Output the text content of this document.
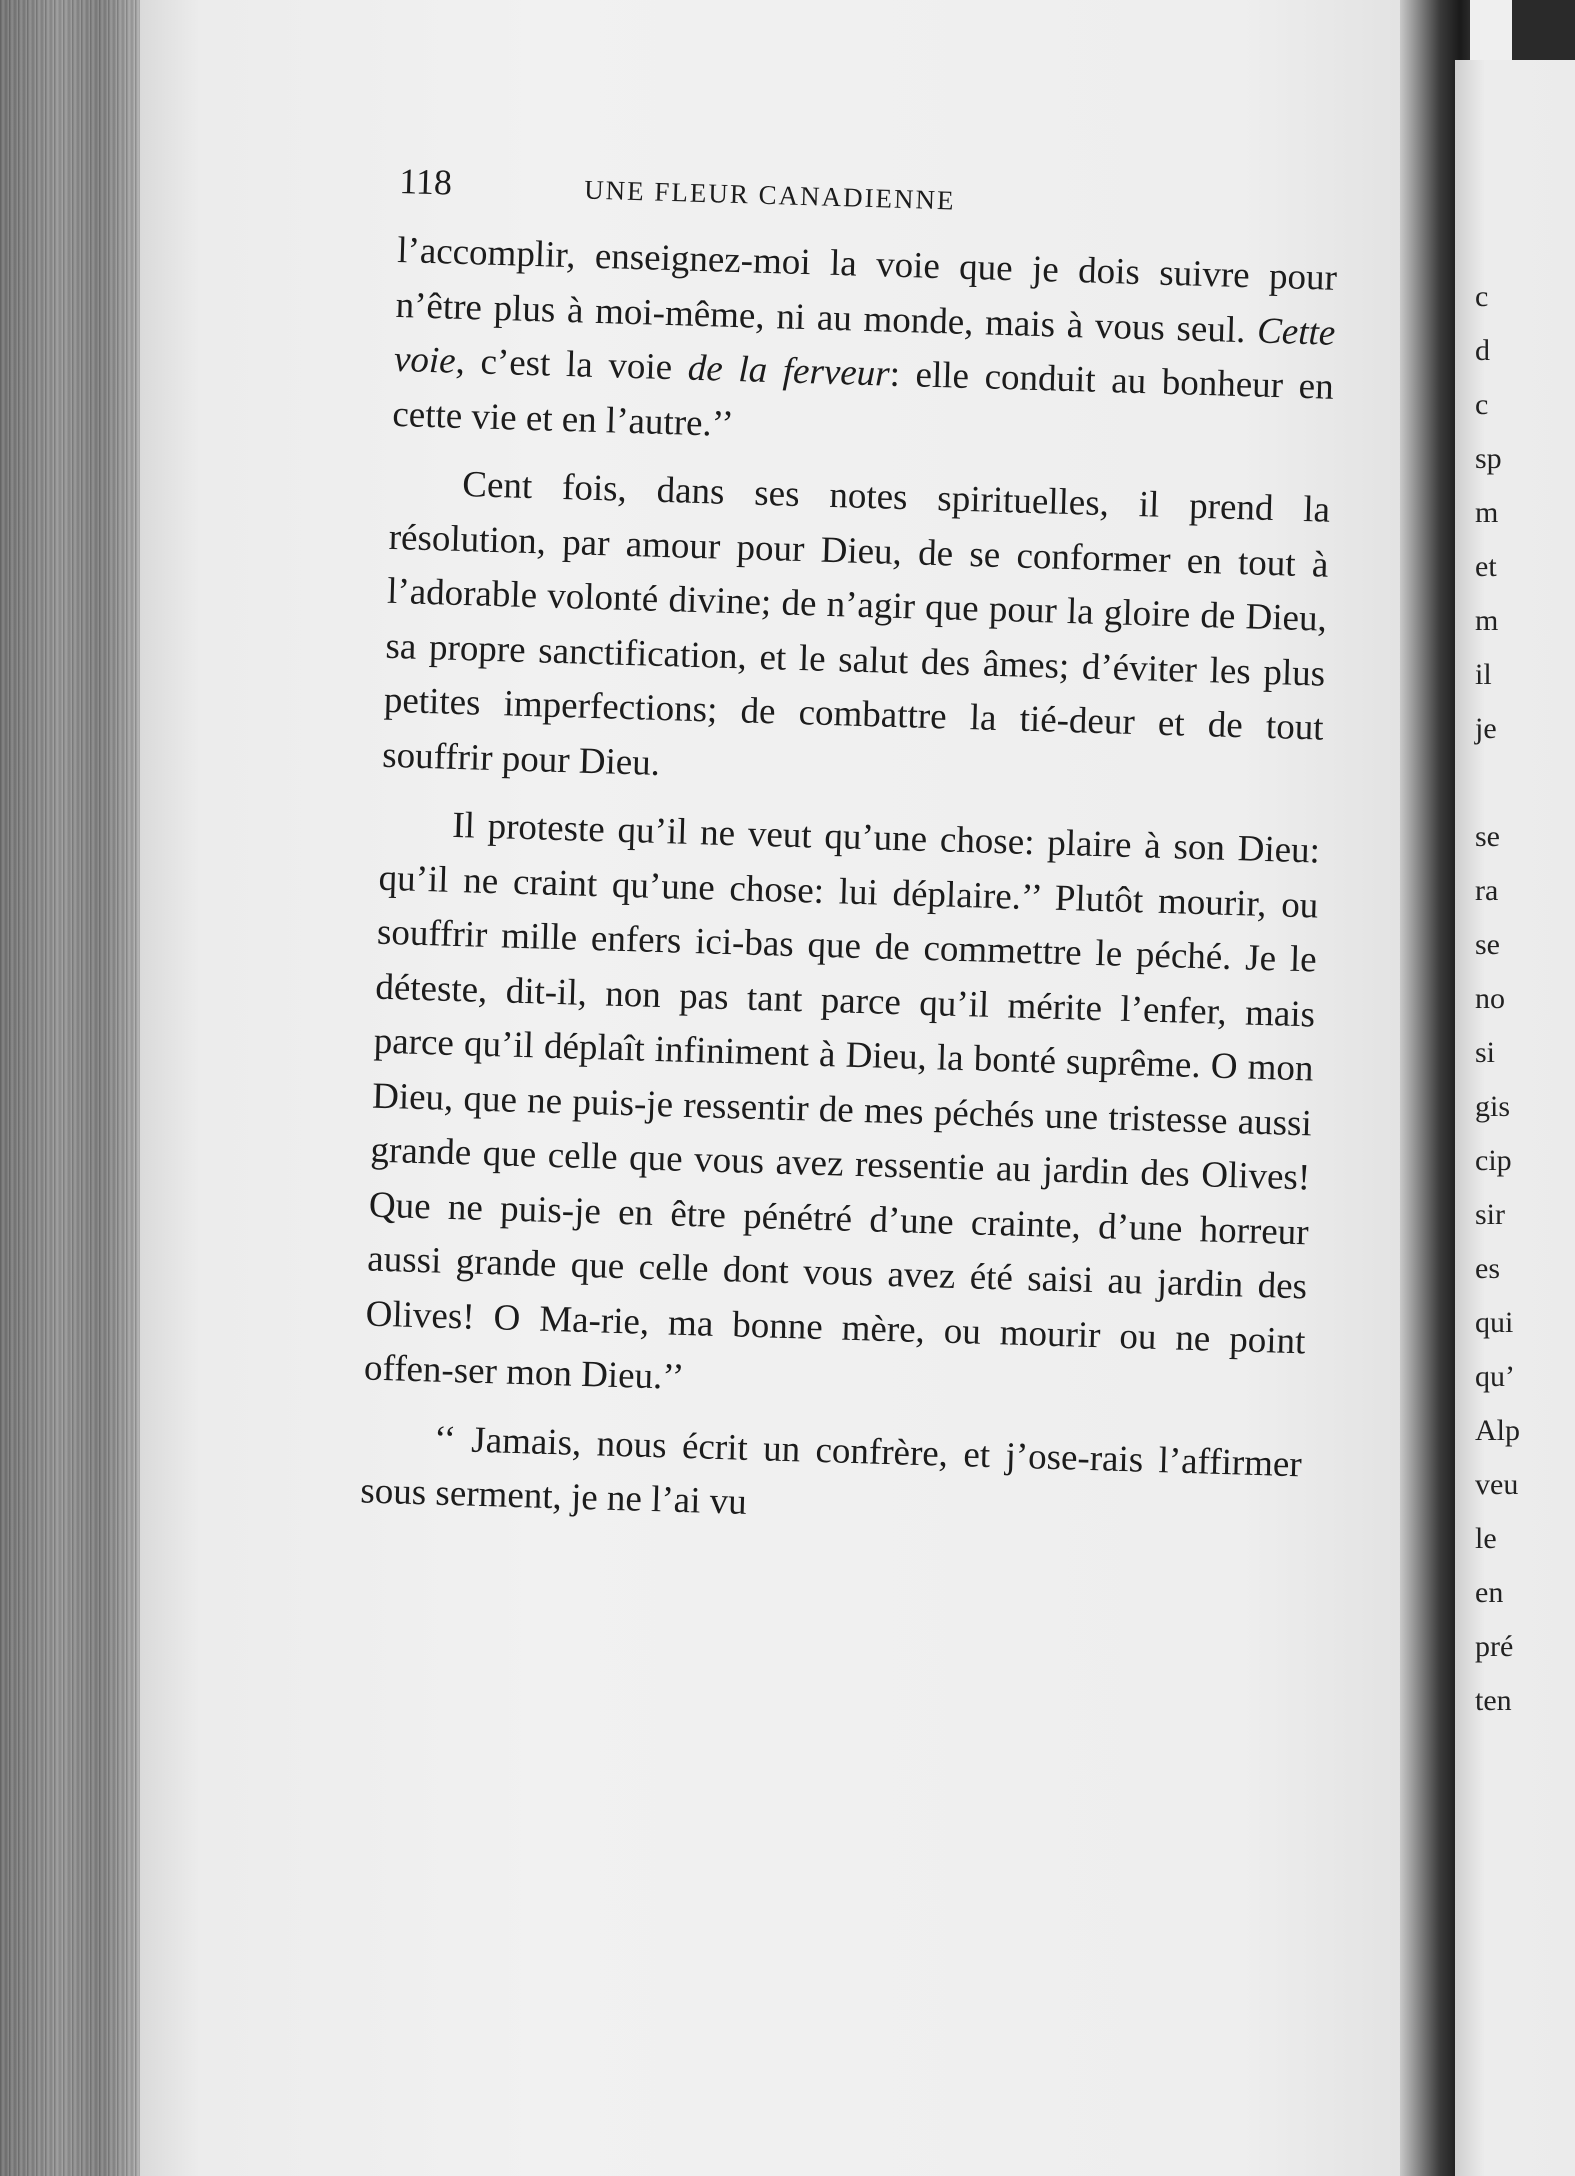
c
d
c
sp
m
et
m
il
je

se
ra
se
no
si
gis
cip
sir
es
qui
qu’
Alp
veu
le
en
pré
ten
118	UNE FLEUR CANADIENNE

l’accomplir, enseignez-moi la voie que je dois suivre pour n’être plus à moi-même, ni au monde, mais à vous seul. Cette voie, c’est la voie de la ferveur: elle conduit au bonheur en cette vie et en l’autre.’’

Cent fois, dans ses notes spirituelles, il prend la résolution, par amour pour Dieu, de se conformer en tout à l’adorable volonté divine; de n’agir que pour la gloire de Dieu, sa propre sanctification, et le salut des âmes; d’éviter les plus petites imperfections; de combattre la tié-deur et de tout souffrir pour Dieu.

Il proteste qu’il ne veut qu’une chose: plaire à son Dieu: qu’il ne craint qu’une chose: lui déplaire.’’ Plutôt mourir, ou souffrir mille enfers ici-bas que de commettre le péché. Je le déteste, dit-il, non pas tant parce qu’il mérite l’enfer, mais parce qu’il déplaît infiniment à Dieu, la bonté suprême. O mon Dieu, que ne puis-je ressentir de mes péchés une tristesse aussi grande que celle que vous avez ressentie au jardin des Olives! Que ne puis-je en être pénétré d’une crainte, d’une horreur aussi grande que celle dont vous avez été saisi au jardin des Olives! O Ma-rie, ma bonne mère, ou mourir ou ne point offen-ser mon Dieu.’’

‘‘ Jamais, nous écrit un confrère, et j’ose-rais l’affirmer sous serment, je ne l’ai vu
